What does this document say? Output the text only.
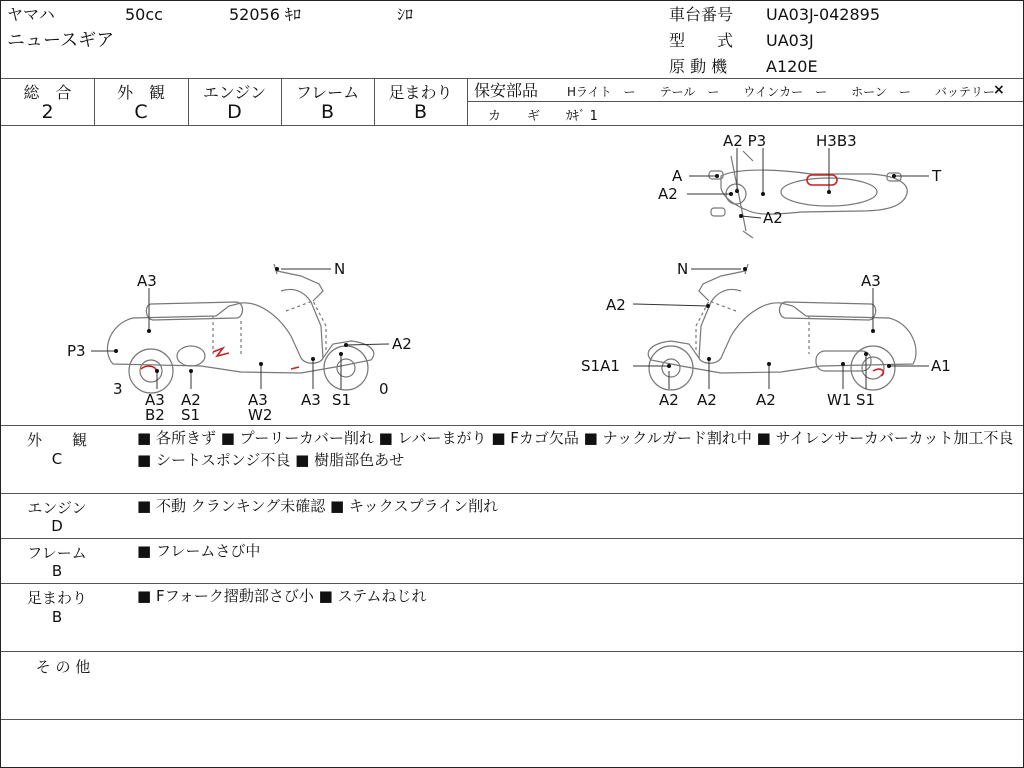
ヤマハ	50cc	52056 ｷﾛ	ｼﾛ
ニュースギア
車台番号 UA03J-042895
型　　式 UA03J
原 動 機 A120E
総　合
2
外　観
C
エンジン
D
フレーム
B
足まわり
B
保安部品 Hライト　ー　　テール　ー　　ウインカー　ー　　ホーン　ー　　バッテリー
×
カ　　ギ ｶｷﾞ 1
A3
N
P3	A2
3	0
A3
B2
A2
S1
A3
W2
A3 S1
N
A3
A2
S1A1	A1
A2 A2	A2	W1 S1
A2 P3	H3B3
A
A2
A2
T
外　　観
C
■ 各所きず ■ プーリーカバー削れ ■ レバーまがり ■ Fカゴ欠品 ■ ナックルガード割れ中 ■ サイレンサーカバーカット加工不良 ■ シートスポンジ不良 ■ 樹脂部色あせ
エンジン
D
■ 不動 クランキング未確認 ■ キックスプライン削れ
フレーム
B
■ フレームさび中
足まわり
B
■ Fフォーク摺動部さび小 ■ ステムねじれ
そ の 他
